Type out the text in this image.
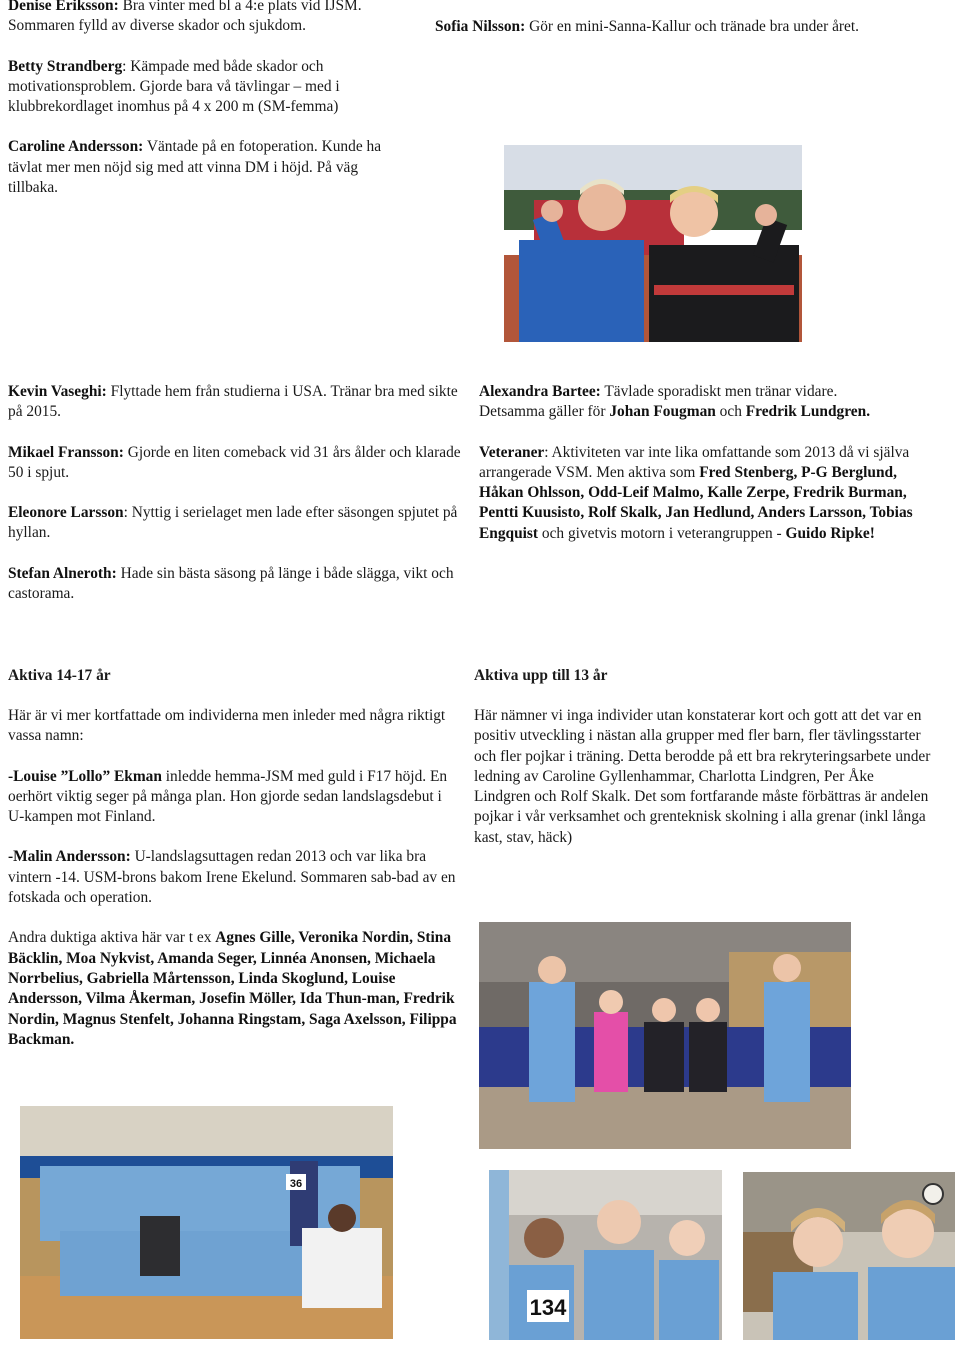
Denise Eriksson: Bra vinter med bl a 4:e plats vid IJSM. Sommaren fylld av diverse skador och sjukdom.

Betty Strandberg: Kämpade med både skador och motivationsproblem. Gjorde bara vå tävlingar – med i klubbrekordlaget inomhus på 4 x 200 m (SM-femma)

Caroline Andersson: Väntade på en fotoperation. Kunde ha tävlat mer men nöjd sig med att vinna DM i höjd. På väg tillbaka.

Sofia Nilsson: Gör en mini-Sanna-Kallur och tränade bra under året.

Kevin Vaseghi: Flyttade hem från studierna i USA. Tränar bra med sikte på 2015.

Mikael Fransson: Gjorde en liten comeback vid 31 års ålder och klarade 50 i spjut.

Eleonore Larsson: Nyttig i serielaget men lade efter säsongen spjutet på hyllan.

Stefan Alneroth: Hade sin bästa säsong på länge i både slägga, vikt och castorama.

Alexandra Bartee: Tävlade sporadiskt men tränar vidare.
Detsamma gäller för Johan Fougman och Fredrik Lundgren.

Veteraner: Aktiviteten var inte lika omfattande som 2013 då vi själva arrangerade VSM. Men aktiva som Fred Stenberg, P-G Berglund, Håkan Ohlsson, Odd-Leif Malmo, Kalle Zerpe, Fredrik Burman, Pentti Kuusisto, Rolf Skalk, Jan Hedlund, Anders Larsson, Tobias Engquist och givetvis motorn i veterangruppen - Guido Ripke!

Aktiva 14-17 år

Här är vi mer kortfattade om individerna men inleder med några riktigt vassa namn:

-Louise ”Lollo” Ekman inledde hemma-JSM med guld i F17 höjd. En oerhört viktig seger på många plan. Hon gjorde sedan landslagsdebut i U-kampen mot Finland.

-Malin Andersson: U-landslagsuttagen redan 2013 och var lika bra vintern -14. USM-brons bakom Irene Ekelund. Sommaren sab-bad av en fotskada och operation.

Andra duktiga aktiva här var t ex Agnes Gille, Veronika Nordin, Stina Bäcklin, Moa Nykvist, Amanda Seger, Linnéa Anonsen, Michaela Norrbelius, Gabriella Mårtensson, Linda Skoglund, Louise Andersson, Vilma Åkerman, Josefin Möller, Ida Thun-man, Fredrik Nordin, Magnus Stenfelt, Johanna Ringstam, Saga Axelsson, Filippa Backman.

Aktiva upp till 13 år

Här nämner vi inga individer utan konstaterar kort och gott att det var en positiv utveckling i nästan alla grupper med fler barn, fler tävlingsstarter och fler pojkar i träning. Detta berodde på ett bra rekryteringsarbete under ledning av Caroline Gyllenhammar, Charlotta Lindgren, Per Åke Lindgren och Rolf Skalk. Det som fortfarande måste förbättras är andelen pojkar i vår verksamhet och grenteknisk skolning i alla grenar (inkl långa kast, stav, häck)

36
134
